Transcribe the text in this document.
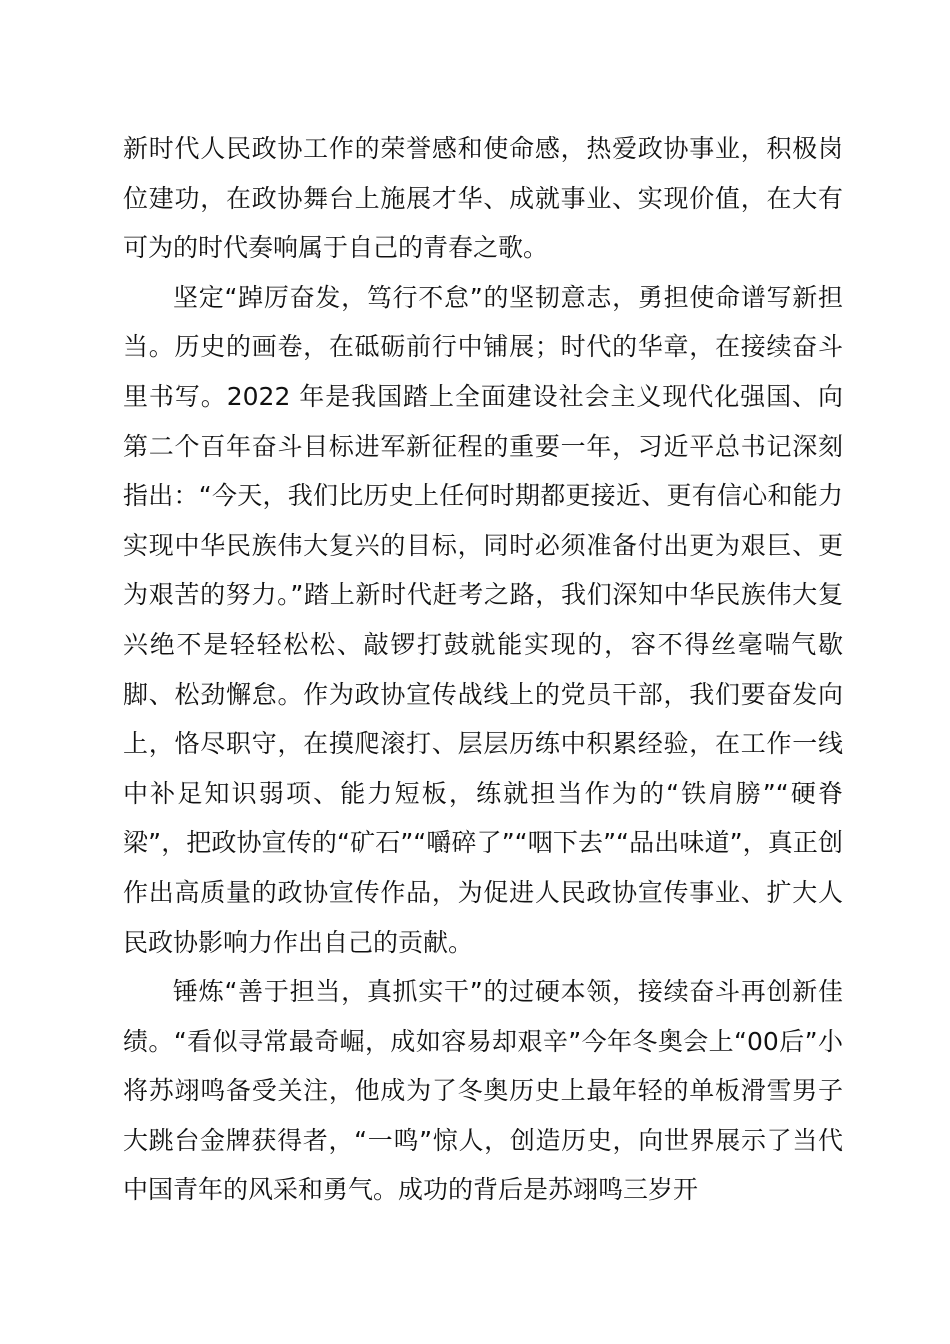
新时代人民政协工作的荣誉感和使命感，热爱政协事业，积极岗位建功，在政协舞台上施展才华、成就事业、实现价值，在大有可为的时代奏响属于自己的青春之歌。

坚定“踔厉奋发，笃行不怠”的坚韧意志，勇担使命谱写新担当。历史的画卷，在砥砺前行中铺展；时代的华章，在接续奋斗里书写。2022 年是我国踏上全面建设社会主义现代化强国、向第二个百年奋斗目标进军新征程的重要一年，习近平总书记深刻指出：“今天，我们比历史上任何时期都更接近、更有信心和能力实现中华民族伟大复兴的目标，同时必须准备付出更为艰巨、更为艰苦的努力。”踏上新时代赶考之路，我们深知中华民族伟大复兴绝不是轻轻松松、敲锣打鼓就能实现的，容不得丝毫喘气歇脚、松劲懈怠。作为政协宣传战线上的党员干部，我们要奋发向上，恪尽职守，在摸爬滚打、层层历练中积累经验，在工作一线中补足知识弱项、能力短板，练就担当作为的“铁肩膀”“硬脊梁”，把政协宣传的“矿石”“嚼碎了”“咽下去”“品出味道”，真正创作出高质量的政协宣传作品，为促进人民政协宣传事业、扩大人民政协影响力作出自己的贡献。

锤炼“善于担当，真抓实干”的过硬本领，接续奋斗再创新佳绩。“看似寻常最奇崛，成如容易却艰辛”今年冬奥会上“00后”小将苏翊鸣备受关注，他成为了冬奥历史上最年轻的单板滑雪男子大跳台金牌获得者，“一鸣”惊人，创造历史，向世界展示了当代中国青年的风采和勇气。成功的背后是苏翊鸣三岁开
